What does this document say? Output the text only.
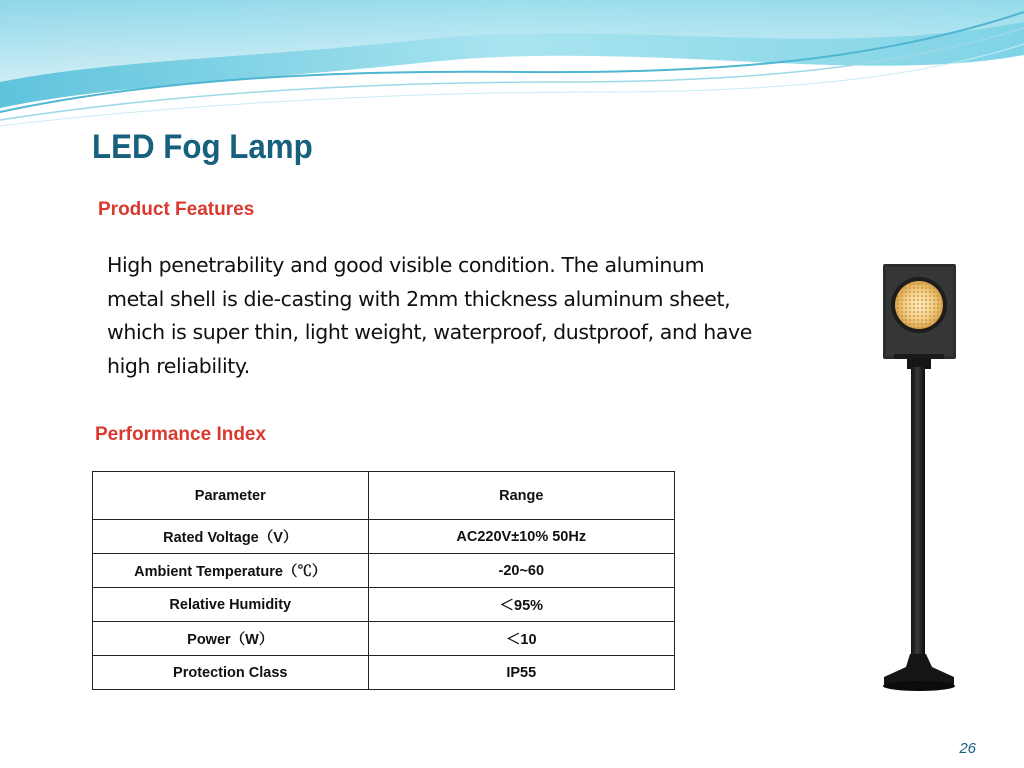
LED Fog Lamp
Product Features

High penetrability and good visible condition. The aluminum metal shell is die-casting with 2mm thickness aluminum sheet, which is super thin, light weight, waterproof, dustproof, and have high reliability.

Performance Index
Parameter	Range
Rated Voltage（V）	AC220V±10% 50Hz
Ambient Temperature（℃）	-20~60
Relative Humidity	＜95%
Power（W）	＜10
Protection Class	IP55
26
